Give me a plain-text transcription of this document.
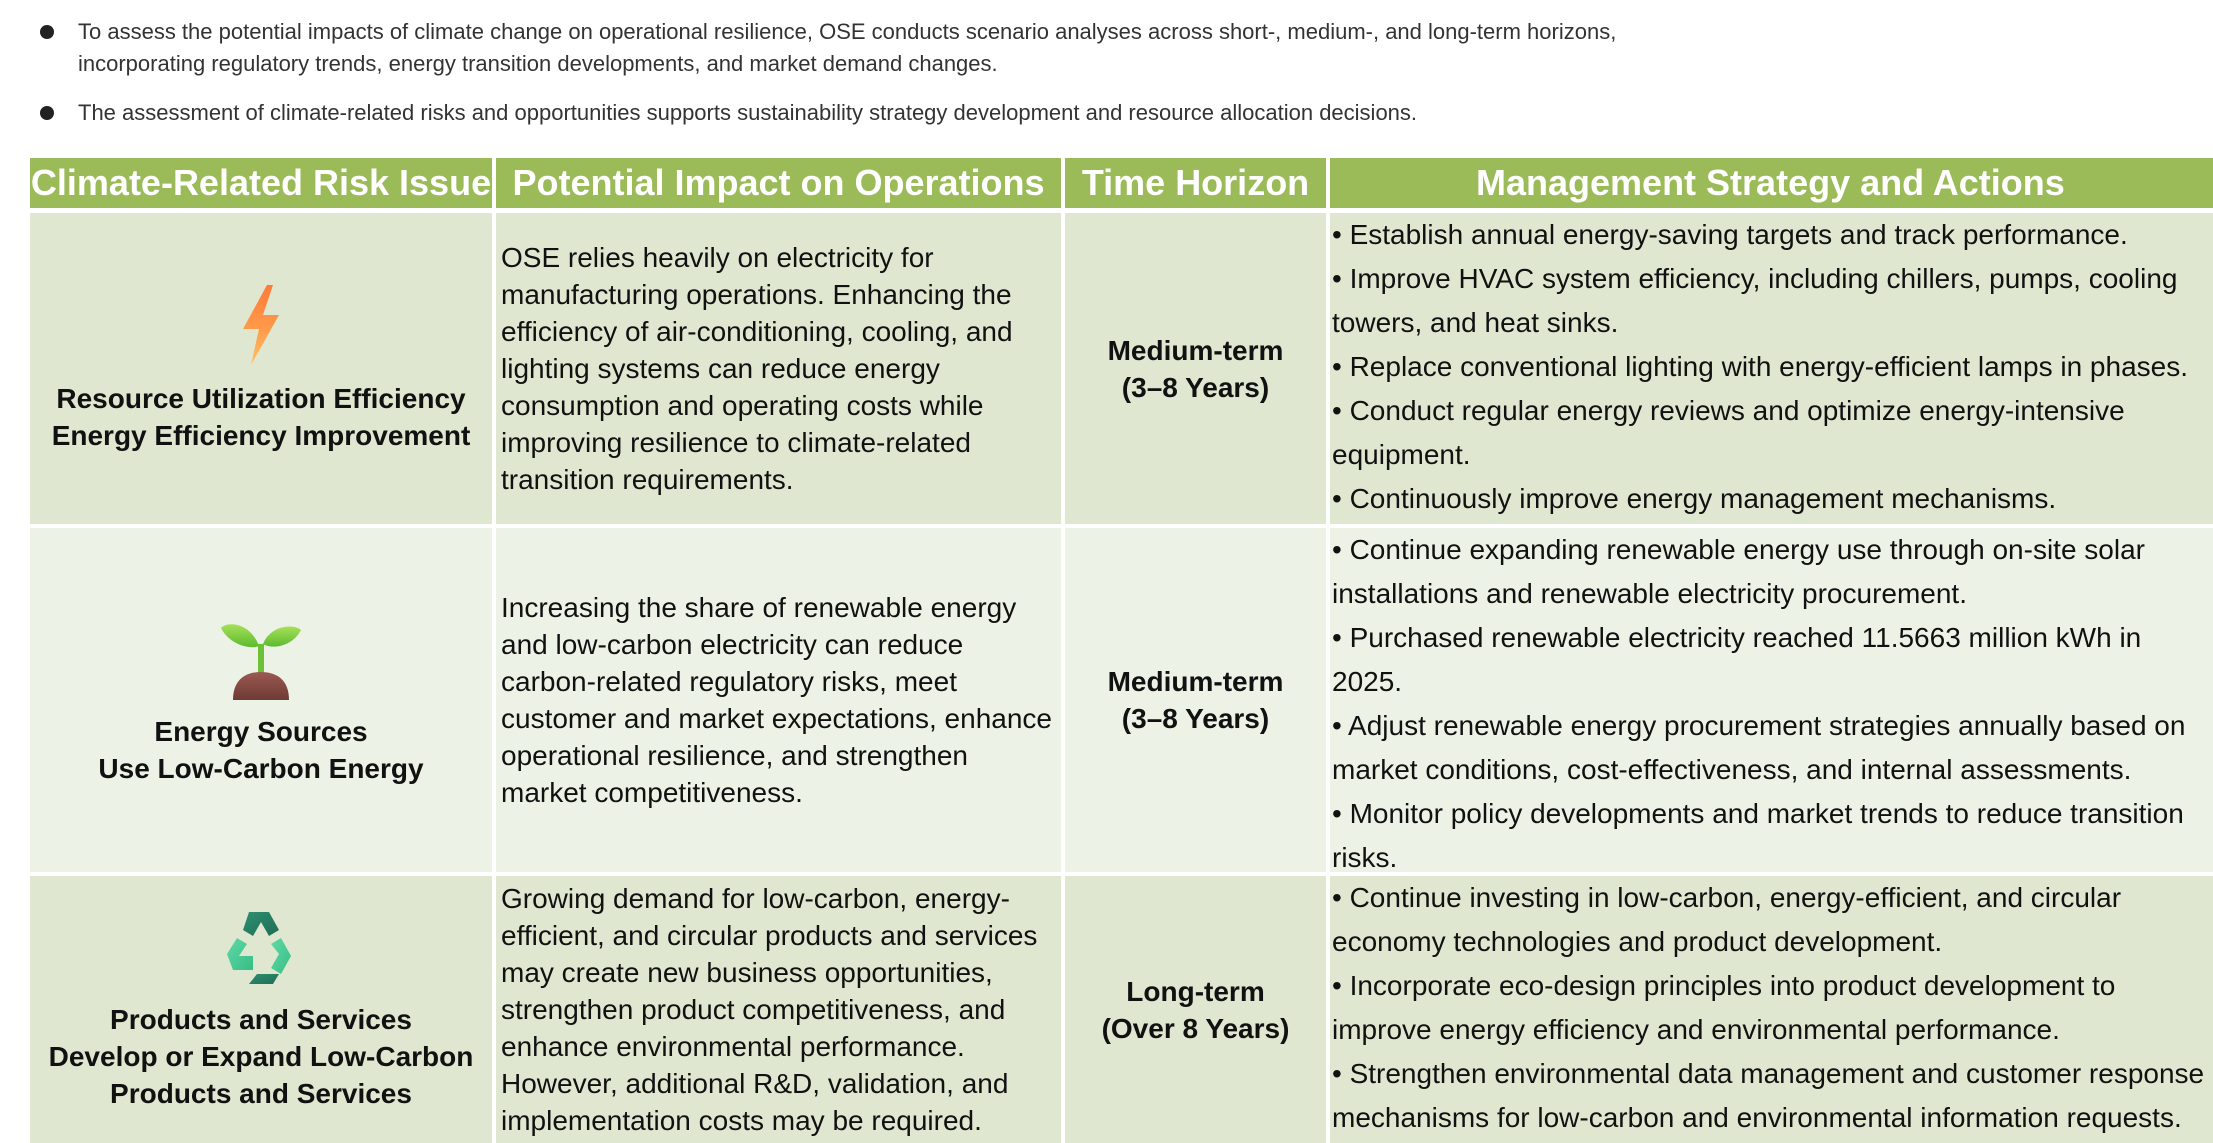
To assess the potential impacts of climate change on operational resilience, OSE conducts scenario analyses across short-, medium-, and long-term horizons, incorporating regulatory trends, energy transition developments, and market demand changes.
The assessment of climate-related risks and opportunities supports sustainability strategy development and resource allocation decisions.
Climate-Related Risk Issue Potential Impact on Operations	Time Horizon	Management Strategy and Actions
Resource Utilization Efficiency
Energy Efficiency Improvement
OSE relies heavily on electricity for manufacturing operations. Enhancing the efficiency of air-conditioning, cooling, and lighting systems can reduce energy consumption and operating costs while improving resilience to climate-related transition requirements.
Medium-term
(3–8 Years)
• Establish annual energy-saving targets and track performance.
• Improve HVAC system efficiency, including chillers, pumps, cooling towers, and heat sinks.
• Replace conventional lighting with energy-efficient lamps in phases.
• Conduct regular energy reviews and optimize energy-intensive equipment.
• Continuously improve energy management mechanisms.
Energy Sources
Use Low-Carbon Energy
Increasing the share of renewable energy and low-carbon electricity can reduce carbon-related regulatory risks, meet customer and market expectations, enhance operational resilience, and strengthen market competitiveness.
Medium-term
(3–8 Years)
• Continue expanding renewable energy use through on-site solar installations and renewable electricity procurement.
• Purchased renewable electricity reached 11.5663 million kWh in 2025.
• Adjust renewable energy procurement strategies annually based on market conditions, cost-effectiveness, and internal assessments.
• Monitor policy developments and market trends to reduce transition risks.
Products and Services
Develop or Expand Low-Carbon
Products and Services
Growing demand for low-carbon, energy-efficient, and circular products and services may create new business opportunities, strengthen product competitiveness, and enhance environmental performance. However, additional R&D, validation, and implementation costs may be required.
Long-term
(Over 8 Years)
• Continue investing in low-carbon, energy-efficient, and circular economy technologies and product development.
• Incorporate eco-design principles into product development to improve energy efficiency and environmental performance.
• Strengthen environmental data management and customer response mechanisms for low-carbon and environmental information requests.
